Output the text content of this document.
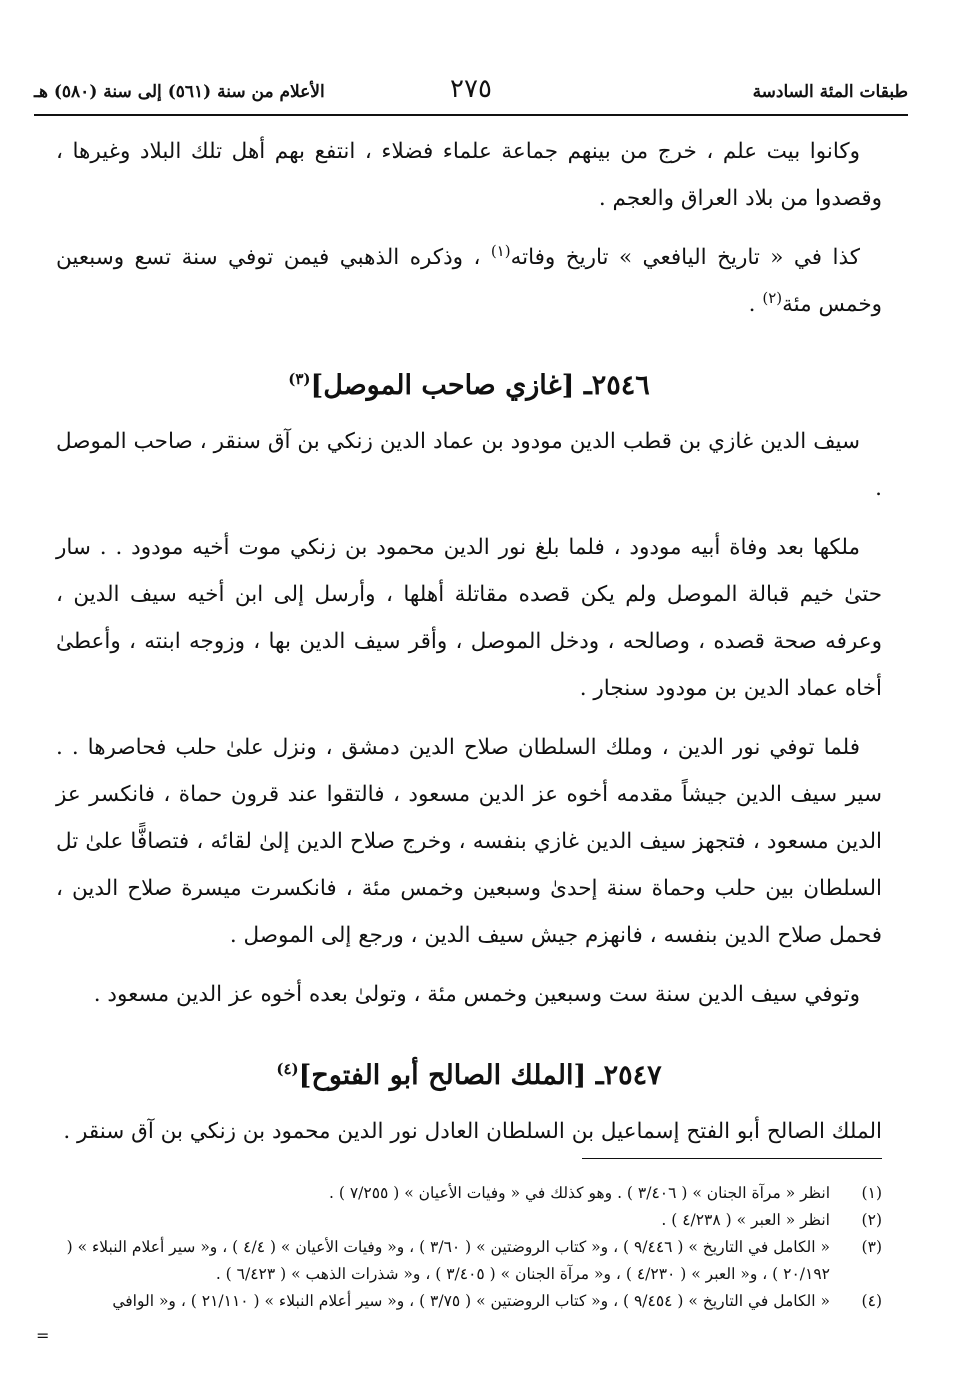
طبقات المئة السادسة
٢٧٥
الأعلام من سنة (٥٦١) إلى سنة (٥٨٠) هـ

وكانوا بيت علم ، خرج من بينهم جماعة علماء فضلاء ، انتفع بهم أهل تلك البلاد وغيرها ، وقصدوا من بلاد العراق والعجم .

كذا في « تاريخ اليافعي » تاريخ وفاته$^{(١)}$ ، وذكره الذهبي فيمن توفي سنة تسع وسبعين وخمس مئة$^{(٢)}$ .

٢٥٤٦ـ [غازي صاحب الموصل]$^{(٣)}$

سيف الدين غازي بن قطب الدين مودود بن عماد الدين زنكي بن آق سنقر ، صاحب الموصل .

ملكها بعد وفاة أبيه مودود ، فلما بلغ نور الدين محمود بن زنكي موت أخيه مودود . . سار حتىٰ خيم قبالة الموصل ولم يكن قصده مقاتلة أهلها ، وأرسل إلى ابن أخيه سيف الدين ، وعرفه صحة قصده ، وصالحه ، ودخل الموصل ، وأقر سيف الدين بها ، وزوجه ابنته ، وأعطىٰ أخاه عماد الدين بن مودود سنجار .

فلما توفي نور الدين ، وملك السلطان صلاح الدين دمشق ، ونزل علىٰ حلب فحاصرها . . سير سيف الدين جيشاً مقدمه أخوه عز الدين مسعود ، فالتقوا عند قرون حماة ، فانكسر عز الدين مسعود ، فتجهز سيف الدين غازي بنفسه ، وخرج صلاح الدين إلىٰ لقائه ، فتصافًّا علىٰ تل السلطان بين حلب وحماة سنة إحدىٰ وسبعين وخمس مئة ، فانكسرت ميسرة صلاح الدين ، فحمل صلاح الدين بنفسه ، فانهزم جيش سيف الدين ، ورجع إلى الموصل .

وتوفي سيف الدين سنة ست وسبعين وخمس مئة ، وتولىٰ بعده أخوه عز الدين مسعود .

٢٥٤٧ـ [الملك الصالح أبو الفتوح]$^{(٤)}$

الملك الصالح أبو الفتح إسماعيل بن السلطان العادل نور الدين محمود بن زنكي بن آق سنقر .

(١)
انظر « مرآة الجنان » ( ٣/٤٠٦ ) . وهو كذلك في « وفيات الأعيان » ( ٧/٢٥٥ ) .
(٢)
انظر « العبر » ( ٤/٢٣٨ ) .
(٣)
« الكامل في التاريخ » ( ٩/٤٤٦ ) ، و« كتاب الروضتين » ( ٣/٦٠ ) ، و« وفيات الأعيان » ( ٤/٤ ) ، و« سير أعلام النبلاء » ( ٢٠/١٩٢ ) ، و« العبر » ( ٤/٢٣٠ ) ، و« مرآة الجنان » ( ٣/٤٠٥ ) ، و« شذرات الذهب » ( ٦/٤٢٣ ) .
(٤)
« الكامل في التاريخ » ( ٩/٤٥٤ ) ، و« كتاب الروضتين » ( ٣/٧٥ ) ، و« سير أعلام النبلاء » ( ٢١/١١٠ ) ، و« الوافي
=
